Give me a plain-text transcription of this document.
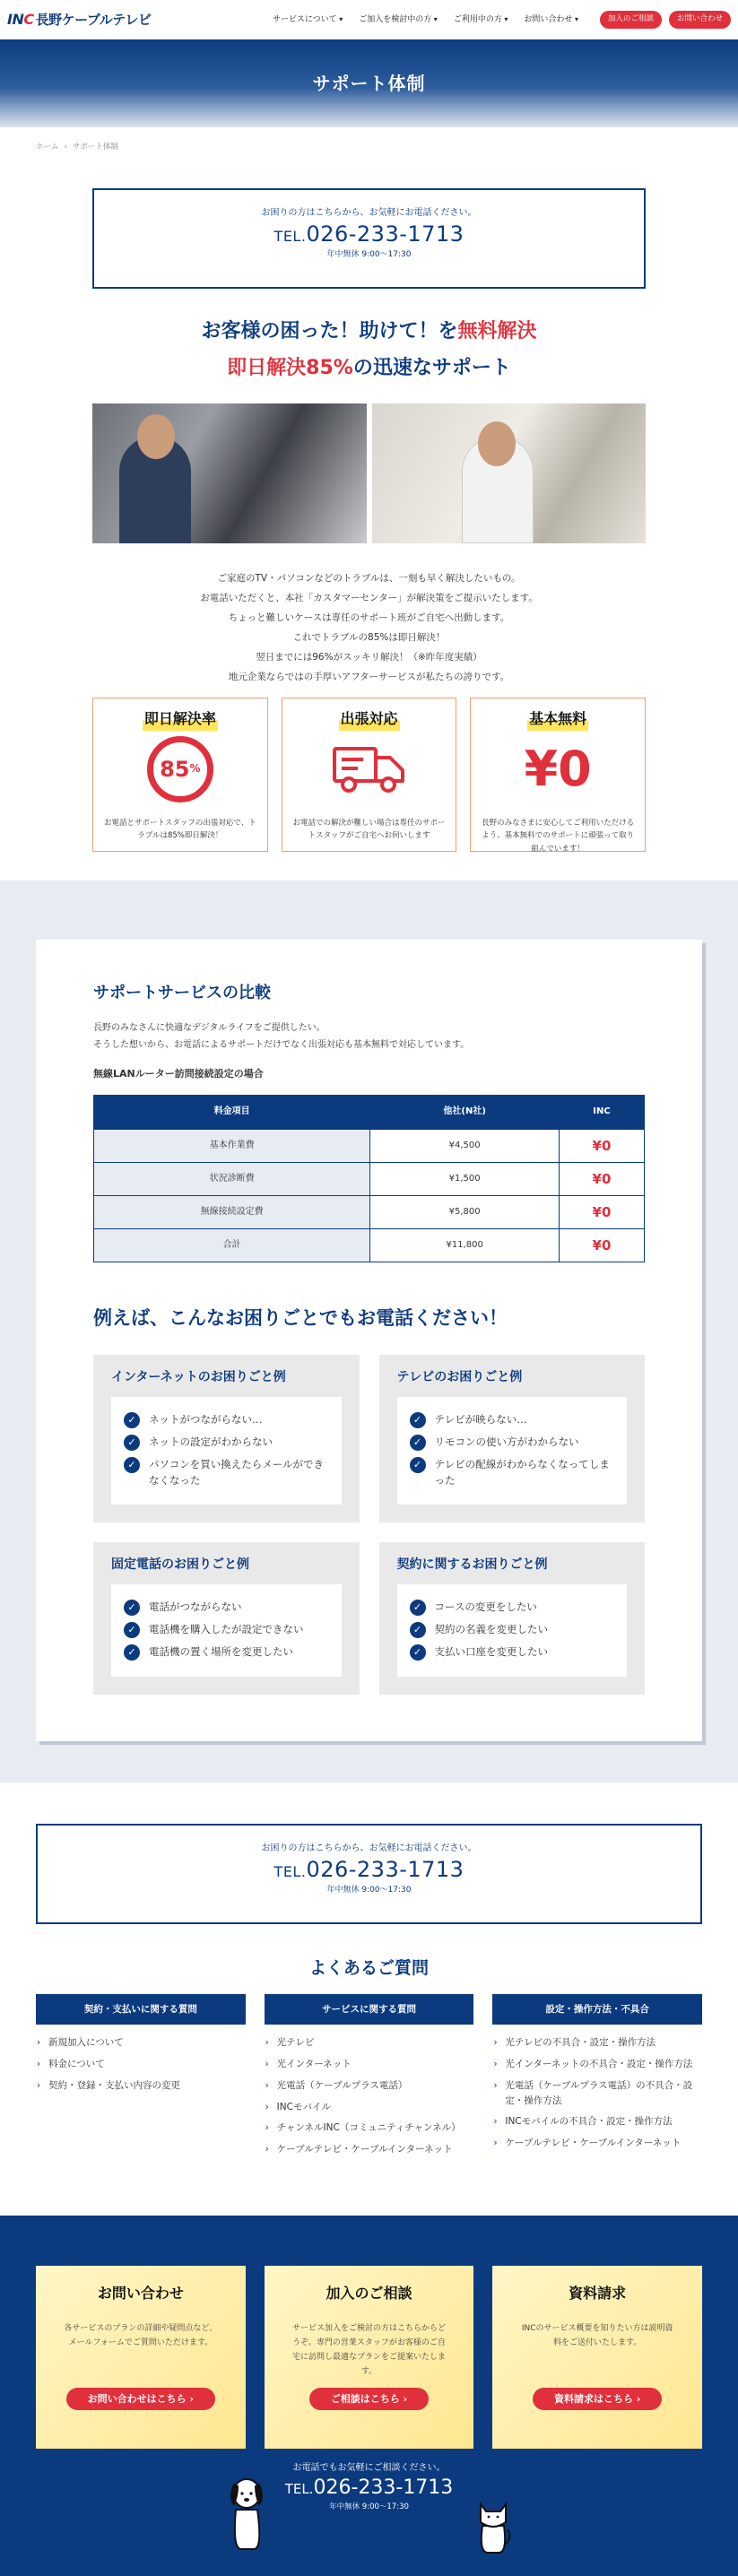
INC 長野ケーブルテレビ	サービスについて ▾	ご加入を検討中の方 ▾	ご利用中の方 ▾	お問い合わせ ▾	加入のご相談	お問い合わせ
サポート体制
ホーム › サポート体制
お困りの方はこちらから、お気軽にお電話ください。
TEL.026-233-1713
年中無休 9:00〜17:30
お客様の困った！助けて！を無料解決
即日解決85%の迅速なサポート
ご家庭のTV・パソコンなどのトラブルは、一刻も早く解決したいもの。
お電話いただくと、本社「カスタマーセンター」が解決策をご提示いたします。
ちょっと難しいケースは専任のサポート班がご自宅へ出動します。
これでトラブルの85%は即日解決！
翌日までには96%がスッキリ解決！（※昨年度実績）
地元企業ならではの手厚いアフターサービスが私たちの誇りです。
即日解決率
85 %

お電話とサポートスタッフの出張対応で、トラブルは85%即日解決！

出張対応

お電話での解決が難しい場合は専任のサポートスタッフがご自宅へお伺いします

基本無料
¥0

長野のみなさまに安心してご利用いただけるよう、基本無料でのサポートに頑張って取り組んでいます！

サポートサービスの比較
長野のみなさんに快適なデジタルライフをご提供したい。
そうした想いから、お電話によるサポートだけでなく出張対応も基本無料で対応しています。
無線LANルーター訪問接続設定の場合
料金項目	他社(N社)	INC
基本作業費	¥4,500	¥0
状況診断費	¥1,500	¥0
無線接続設定費	¥5,800	¥0
合計	¥11,800	¥0
例えば、こんなお困りごとでもお電話ください！
インターネットのお困りごと例
✓	ネットがつながらない…
✓	ネットの設定がわからない
✓	パソコンを買い換えたらメールができなくなった
テレビのお困りごと例
✓	テレビが映らない…
✓	リモコンの使い方がわからない
✓	テレビの配線がわからなくなってしまった
固定電話のお困りごと例
✓	電話がつながらない
✓	電話機を購入したが設定できない
✓	電話機の置く場所を変更したい
契約に関するお困りごと例
✓	コースの変更をしたい
✓	契約の名義を変更したい
✓	支払い口座を変更したい
お困りの方はこちらから、お気軽にお電話ください。
TEL.026-233-1713
年中無休 9:00〜17:30
よくあるご質問
契約・支払いに関する質問
› 新規加入について
› 料金について
› 契約・登録・支払い内容の変更
サービスに関する質問
› 光テレビ
› 光インターネット
› 光電話（ケーブルプラス電話）
› INCモバイル
› チャンネルINC（コミュニティチャンネル）
› ケーブルテレビ・ケーブルインターネット
設定・操作方法・不具合
› 光テレビの不具合・設定・操作方法
› 光インターネットの不具合・設定・操作方法
› 光電話（ケーブルプラス電話）の不具合・設定・操作方法
› INCモバイルの不具合・設定・操作方法
› ケーブルテレビ・ケーブルインターネット
お問い合わせ

各サービスのプランの詳細や疑問点など、メールフォームでご質問いただけます。

お問い合わせはこちら ›
加入のご相談

サービス加入をご検討の方はこちらからどうぞ。専門の営業スタッフがお客様のご自宅に訪問し最適なプランをご提案いたします。

ご相談はこちら ›
資料請求

INCのサービス概要を知りたい方は説明資料をご送付いたします。

資料請求はこちら ›
お電話でもお気軽にご相談ください。
TEL.026-233-1713
年中無休 9:00〜17:30
